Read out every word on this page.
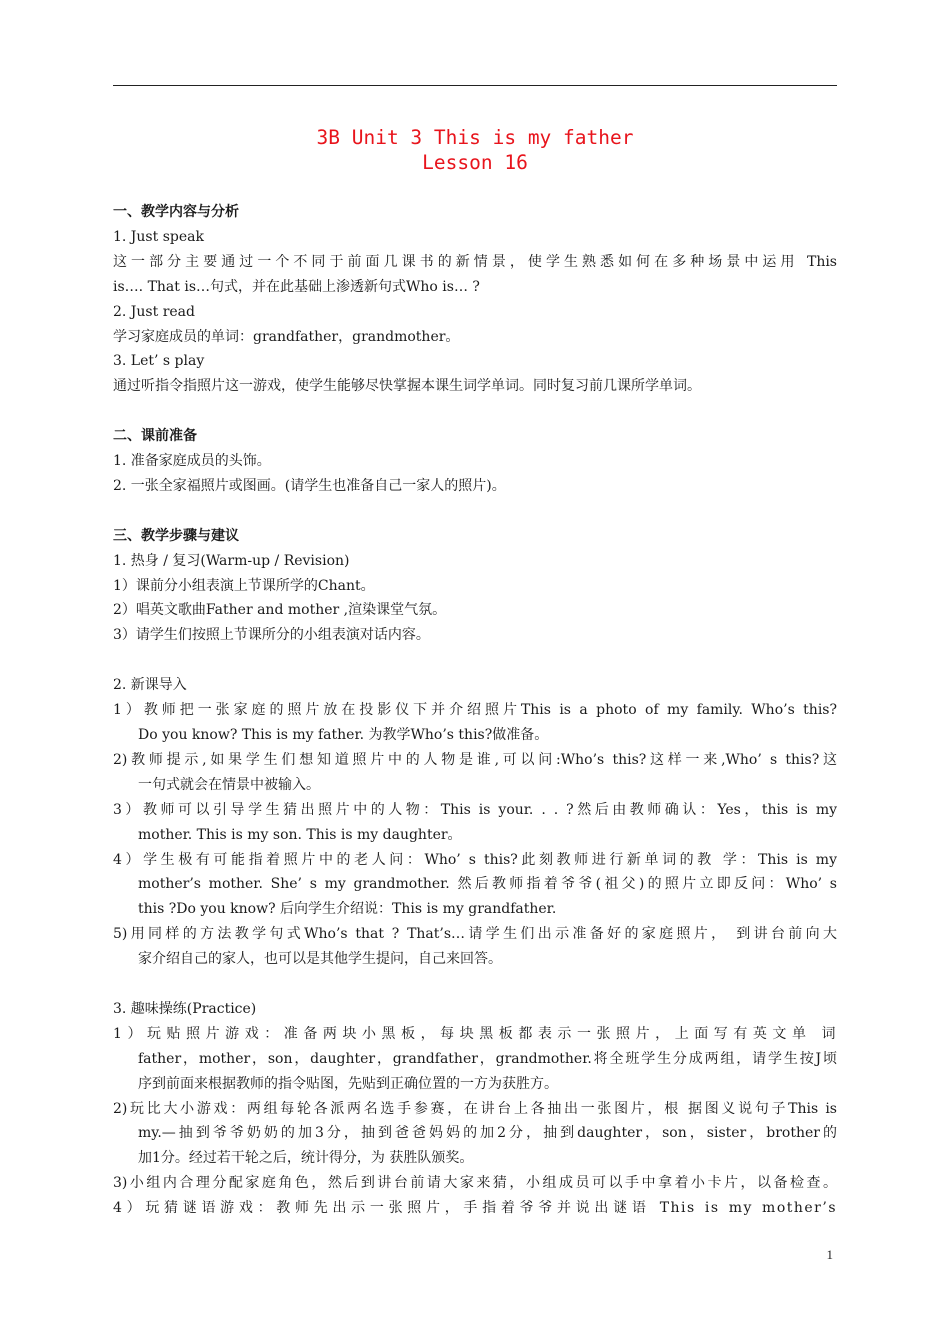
3B Unit 3 This is my father
Lesson 16

一、教学内容与分析

1. Just speak

这一部分主要通过一个不同于前面几课书的新情景，使学生熟悉如何在多种场景中运用 This

is…. That is…句式，并在此基础上渗透新句式Who is… ?

2. Just read

学习家庭成员的单词：grandfather，grandmother。

3. Let’ s play

通过听指令指照片这一游戏，使学生能够尽快掌握本课生词学单词。同时复习前几课所学单词。

二、课前准备

1. 准备家庭成员的头饰。

2. 一张全家福照片或图画。(请学生也准备自己一家人的照片)。

三、教学步骤与建议

1. 热身 / 复习(Warm-up / Revision)

1）课前分小组表演上节课所学的Chant。

2）唱英文歌曲Father and mother ,渲染课堂气氛。

3）请学生们按照上节课所分的小组表演对话内容。

2. 新课导入

1）教师把一张家庭的照片放在投影仪下并介绍照片This is a photo of my family. Who’s this?

Do you know? This is my father. 为教学Who’s this?做准备。

2)教师提示,如果学生们想知道照片中的人物是谁,可以问:Who’s this?这样一来,Who’ s this?这

一句式就会在情景中被输入。

3）教师可以引导学生猜出照片中的人物：This is your. . . ?然后由教师确认：Yes，this is my

mother. This is my son. This is my daughter。

4）学生极有可能指着照片中的老人问：Who’ s this?此刻教师进行新单词的教 学：This is my

mother’s mother. She’ s my grandmother. 然后教师指着爷爷(祖父)的照片立即反问：Who’ s

this ?Do you know? 后向学生介绍说：This is my grandfather.

5)用同样的方法教学句式Who’s that ? That’s…请学生们出示准备好的家庭照片， 到讲台前向大

家介绍自己的家人，也可以是其他学生提问，自己来回答。

3. 趣味操练(Practice)

1）玩贴照片游戏：准备两块小黑板，每块黑板都表示一张照片，上面写有英文单 词

father，mother，son，daughter，grandfather，grandmother.将全班学生分成两组，请学生按J顷

序到前面来根据教师的指令贴图，先贴到正确位置的一方为获胜方。

2)玩比大小游戏：两组每轮各派两名选手参赛，在讲台上各抽出一张图片，根 据图义说句子This is

my.—抽到爷爷奶奶的加3分，抽到爸爸妈妈的加2分，抽到daughter，son，sister，brother的

加1分。经过若干轮之后，统计得分，为 获胜队颁奖。

3)小组内合理分配家庭角色，然后到讲台前请大家来猜，小组成员可以手中拿着小卡片，以备检查。

4）玩猜谜语游戏：教师先出示一张照片，手指着爷爷并说出谜语 This is my mother’s

1
